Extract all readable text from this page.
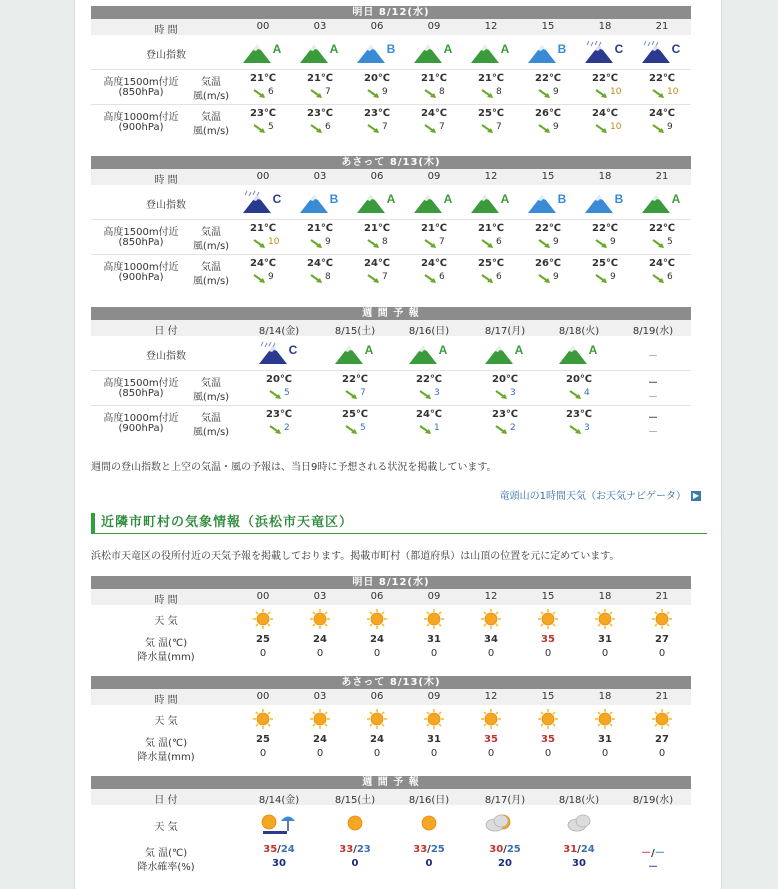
明日 8/12(水)
時 間	00	03	06	09	12	15	18	21
登山指数	A	A	B	A	A	B	C	C
高度1500m付近
(850hPa)
気温
風(m/s)
21℃	21℃	20℃	21℃	21℃	22℃	22℃	22℃
6	7	9	8	8	9	10	10
高度1000m付近
(900hPa)
気温
風(m/s)
23℃	23℃	23℃	24℃	25℃	26℃	24℃	24℃
5	6	7	7	7	9	10	9
あさって 8/13(木)
時 間	00	03	06	09	12	15	18	21
登山指数	C	B	A	A	A	B	B	A
高度1500m付近
(850hPa)
気温
風(m/s)
21℃	21℃	21℃	21℃	21℃	22℃	22℃	22℃
10	9	8	7	6	9	9	5
高度1000m付近
(900hPa)
気温
風(m/s)
24℃	24℃	24℃	24℃	25℃	26℃	25℃	24℃
9	8	7	6	6	9	9	6
週 間 予 報
日 付	8/14(金)	8/15(土)	8/16(日)	8/17(月)	8/18(火)	8/19(水)
登山指数	C	A	A	A	A	－
高度1500m付近
(850hPa)
気温
風(m/s)
20℃	22℃	22℃	20℃	20℃	－
5	7	3	3	4	－
高度1000m付近
(900hPa)
気温
風(m/s)
23℃	25℃	24℃	23℃	23℃	－
2	5	1	2	3	－
週間の登山指数と上空の気温・風の予報は、当日9時に予想される状況を掲載しています。
竜頭山の1時間天気（お天気ナビゲータ） ▶
近隣市町村の気象情報（浜松市天竜区）
浜松市天竜区の役所付近の天気予報を掲載しております。掲載市町村（都道府県）は山頂の位置を元に定めています。
明日 8/12(水)
時 間	00	03	06	09	12	15	18	21
天 気
気 温(℃)	25	24	24	31	34	35	31	27
降水量(mm)	0	0	0	0	0	0	0	0
あさって 8/13(木)
時 間	00	03	06	09	12	15	18	21
天 気
気 温(℃)	25	24	24	31	35	35	31	27
降水量(mm)	0	0	0	0	0	0	0	0
週 間 予 報
日 付	8/14(金)	8/15(土)	8/16(日)	8/17(月)	8/18(火)	8/19(水)
天 気
気 温(℃)	35/24	33/23	33/25	30/25	31/24	－/－
降水確率(%)	30	0	0	20	30	－
